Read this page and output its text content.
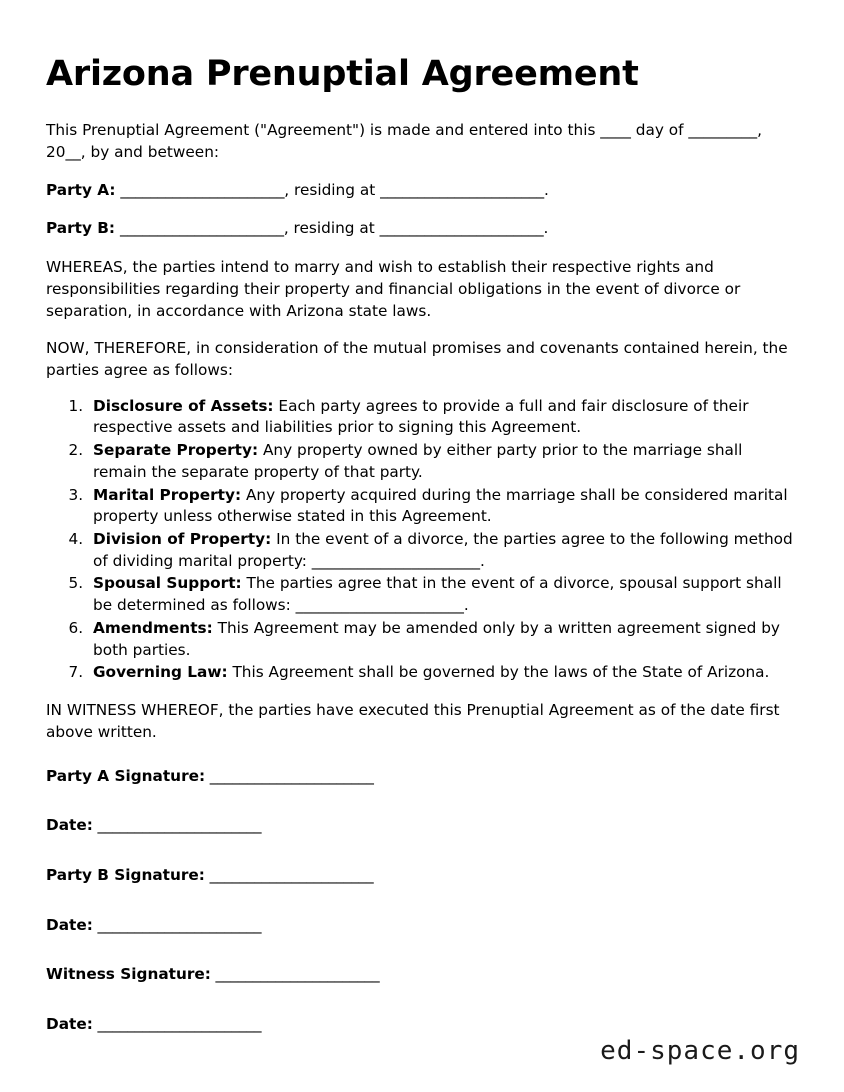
Arizona Prenuptial Agreement

This Prenuptial Agreement ("Agreement") is made and entered into this ____ day of _________, 20__, by and between:

Party A: ______________________, residing at ______________________.
Party B: ______________________, residing at ______________________.

WHEREAS, the parties intend to marry and wish to establish their respective rights and responsibilities regarding their property and financial obligations in the event of divorce or separation, in accordance with Arizona state laws.

NOW, THEREFORE, in consideration of the mutual promises and covenants contained herein, the parties agree as follows:

1. Disclosure of Assets: Each party agrees to provide a full and fair disclosure of their respective assets and liabilities prior to signing this Agreement.
2. Separate Property: Any property owned by either party prior to the marriage shall remain the separate property of that party.
3. Marital Property: Any property acquired during the marriage shall be considered marital property unless otherwise stated in this Agreement.
4. Division of Property: In the event of a divorce, the parties agree to the following method of dividing marital property: ______________________.
5. Spousal Support: The parties agree that in the event of a divorce, spousal support shall be determined as follows: ______________________.
6. Amendments: This Agreement may be amended only by a written agreement signed by both parties.
7. Governing Law: This Agreement shall be governed by the laws of the State of Arizona.

IN WITNESS WHEREOF, the parties have executed this Prenuptial Agreement as of the date first above written.

Party A Signature: ______________________
Date: ______________________
Party B Signature: ______________________
Date: ______________________
Witness Signature: ______________________
Date: ______________________
ed-space.org
